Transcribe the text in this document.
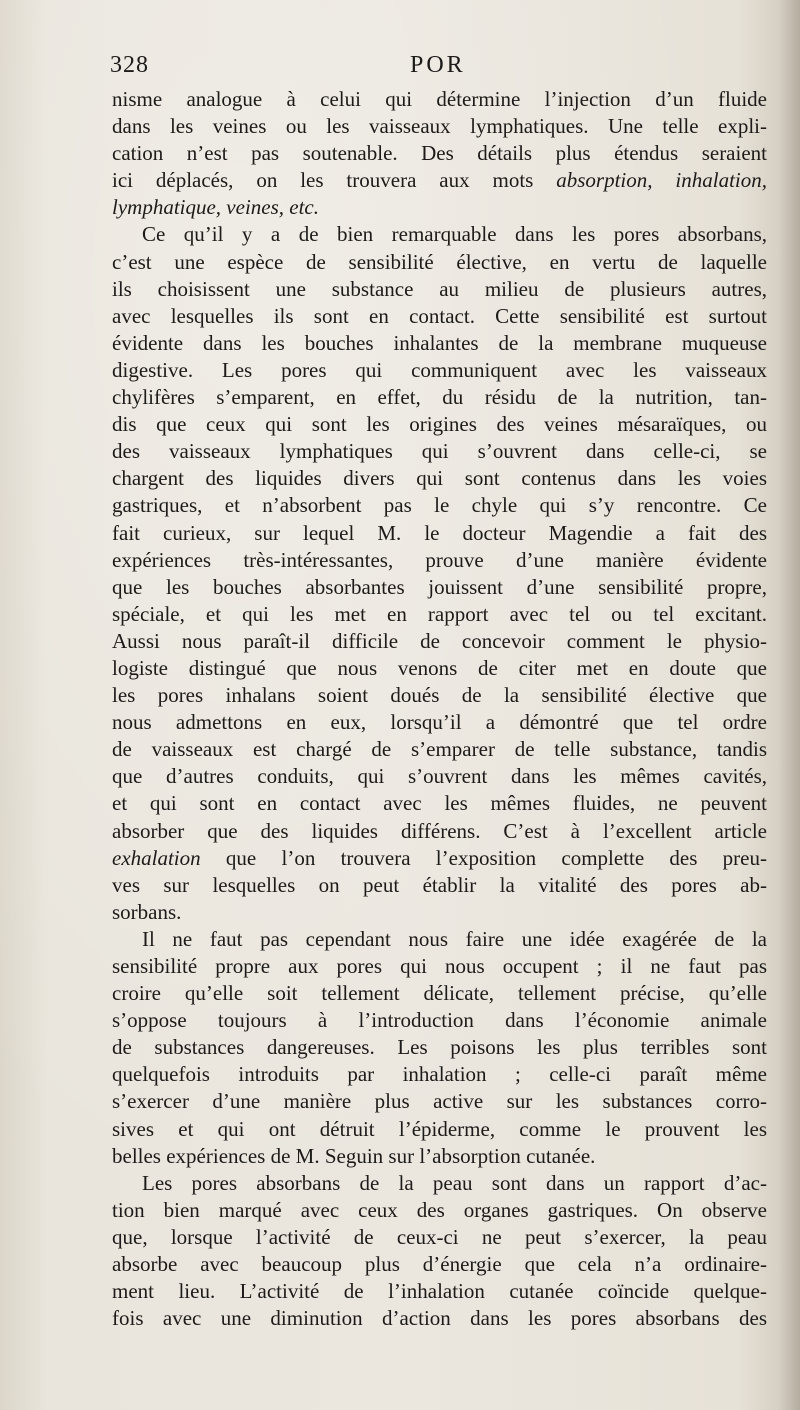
328	POR
nisme analogue à celui qui détermine l’injection d’un fluide
dans les veines ou les vaisseaux lymphatiques. Une telle expli-
cation n’est pas soutenable. Des détails plus étendus seraient
ici déplacés, on les trouvera aux mots absorption, inhalation,
lymphatique, veines, etc.
Ce qu’il y a de bien remarquable dans les pores absorbans,
c’est une espèce de sensibilité élective, en vertu de laquelle
ils choisissent une substance au milieu de plusieurs autres,
avec lesquelles ils sont en contact. Cette sensibilité est surtout
évidente dans les bouches inhalantes de la membrane muqueuse
digestive. Les pores qui communiquent avec les vaisseaux
chylifères s’emparent, en effet, du résidu de la nutrition, tan-
dis que ceux qui sont les origines des veines mésaraïques, ou
des vaisseaux lymphatiques qui s’ouvrent dans celle-ci, se
chargent des liquides divers qui sont contenus dans les voies
gastriques, et n’absorbent pas le chyle qui s’y rencontre. Ce
fait curieux, sur lequel M. le docteur Magendie a fait des
expériences très-intéressantes, prouve d’une manière évidente
que les bouches absorbantes jouissent d’une sensibilité propre,
spéciale, et qui les met en rapport avec tel ou tel excitant.
Aussi nous paraît-il difficile de concevoir comment le physio-
logiste distingué que nous venons de citer met en doute que
les pores inhalans soient doués de la sensibilité élective que
nous admettons en eux, lorsqu’il a démontré que tel ordre
de vaisseaux est chargé de s’emparer de telle substance, tandis
que d’autres conduits, qui s’ouvrent dans les mêmes cavités,
et qui sont en contact avec les mêmes fluides, ne peuvent
absorber que des liquides différens. C’est à l’excellent article
exhalation que l’on trouvera l’exposition complette des preu-
ves sur lesquelles on peut établir la vitalité des pores ab-
sorbans.
Il ne faut pas cependant nous faire une idée exagérée de la
sensibilité propre aux pores qui nous occupent ; il ne faut pas
croire qu’elle soit tellement délicate, tellement précise, qu’elle
s’oppose toujours à l’introduction dans l’économie animale
de substances dangereuses. Les poisons les plus terribles sont
quelquefois introduits par inhalation ; celle-ci paraît même
s’exercer d’une manière plus active sur les substances corro-
sives et qui ont détruit l’épiderme, comme le prouvent les
belles expériences de M. Seguin sur l’absorption cutanée.
Les pores absorbans de la peau sont dans un rapport d’ac-
tion bien marqué avec ceux des organes gastriques. On observe
que, lorsque l’activité de ceux-ci ne peut s’exercer, la peau
absorbe avec beaucoup plus d’énergie que cela n’a ordinaire-
ment lieu. L’activité de l’inhalation cutanée coïncide quelque-
fois avec une diminution d’action dans les pores absorbans des
